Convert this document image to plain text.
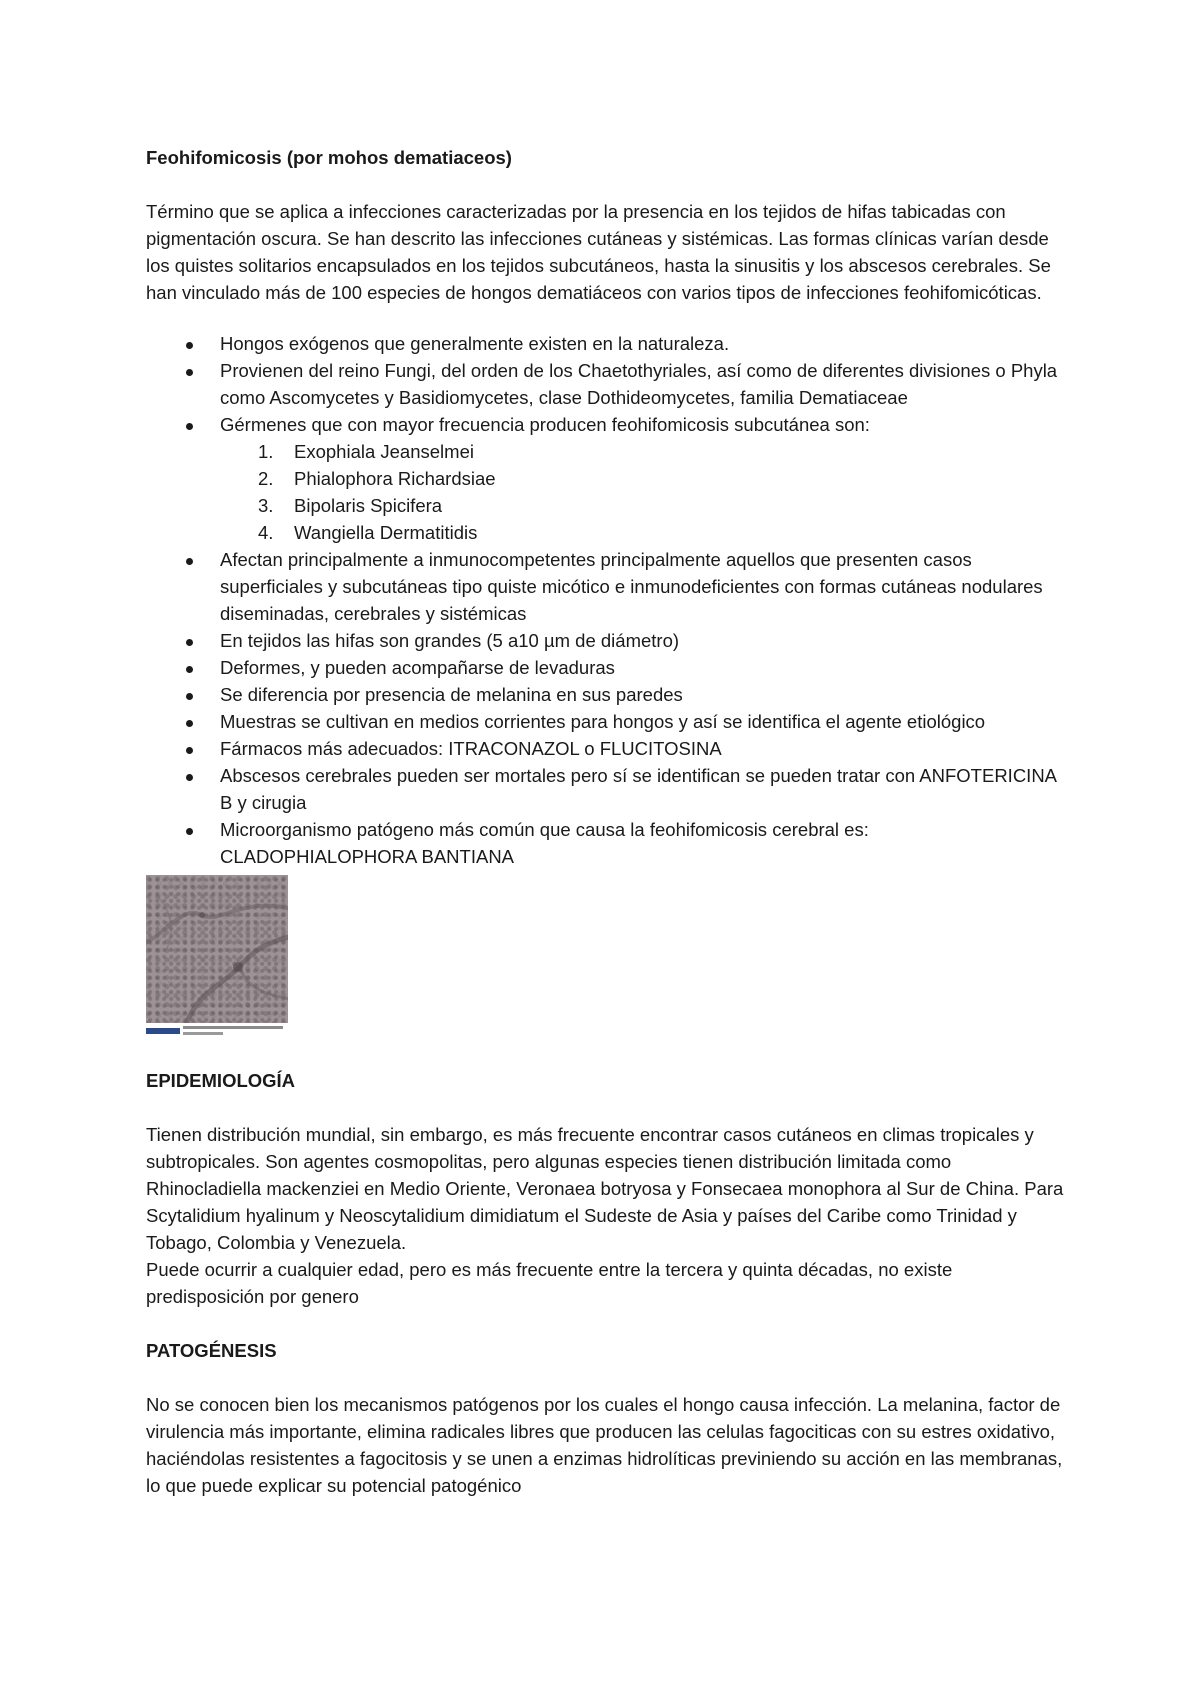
Feohifomicosis (por mohos dematiaceos)

Término que se aplica a infecciones caracterizadas por la presencia en los tejidos de hifas tabicadas con pigmentación oscura. Se han descrito las infecciones cutáneas y sistémicas. Las formas clínicas varían desde los quistes solitarios encapsulados en los tejidos subcutáneos, hasta la sinusitis y los abscesos cerebrales. Se han vinculado más de 100 especies de hongos dematiáceos con varios tipos de infecciones feohifomicóticas.

Hongos exógenos que generalmente existen en la naturaleza.
Provienen del reino Fungi, del orden de los Chaetothyriales, así como de diferentes divisiones o Phyla como Ascomycetes y Basidiomycetes, clase Dothideomycetes, familia Dematiaceae
Gérmenes que con mayor frecuencia producen feohifomicosis subcutánea son:
1. Exophiala Jeanselmei
2. Phialophora Richardsiae
3. Bipolaris Spicifera
4. Wangiella Dermatitidis
Afectan principalmente a inmunocompetentes principalmente aquellos que presenten casos superficiales y subcutáneas tipo quiste micótico e inmunodeficientes con formas cutáneas nodulares diseminadas, cerebrales y sistémicas
En tejidos las hifas son grandes (5 a10 µm de diámetro)
Deformes, y pueden acompañarse de levaduras
Se diferencia por presencia de melanina en sus paredes
Muestras se cultivan en medios corrientes para hongos y así se identifica el agente etiológico
Fármacos más adecuados: ITRACONAZOL o FLUCITOSINA
Abscesos cerebrales pueden ser mortales pero sí se identifican se pueden tratar con ANFOTERICINA B y cirugia
Microorganismo patógeno más común que causa la feohifomicosis cerebral es: CLADOPHIALOPHORA BANTIANA
EPIDEMIOLOGÍA

Tienen distribución mundial, sin embargo, es más frecuente encontrar casos cutáneos en climas tropicales y subtropicales. Son agentes cosmopolitas, pero algunas especies tienen distribución limitada como Rhinocladiella mackenziei en Medio Oriente, Veronaea botryosa y Fonsecaea monophora al Sur de China. Para Scytalidium hyalinum y Neoscytalidium dimidiatum el Sudeste de Asia y países del Caribe como Trinidad y Tobago, Colombia y Venezuela.

Puede ocurrir a cualquier edad, pero es más frecuente entre la tercera y quinta décadas, no existe predisposición por genero

PATOGÉNESIS

No se conocen bien los mecanismos patógenos por los cuales el hongo causa infección. La melanina, factor de virulencia más importante, elimina radicales libres que producen las celulas fagociticas con su estres oxidativo, haciéndolas resistentes a fagocitosis y se unen a enzimas hidrolíticas previniendo su acción en las membranas, lo que puede explicar su potencial patogénico
